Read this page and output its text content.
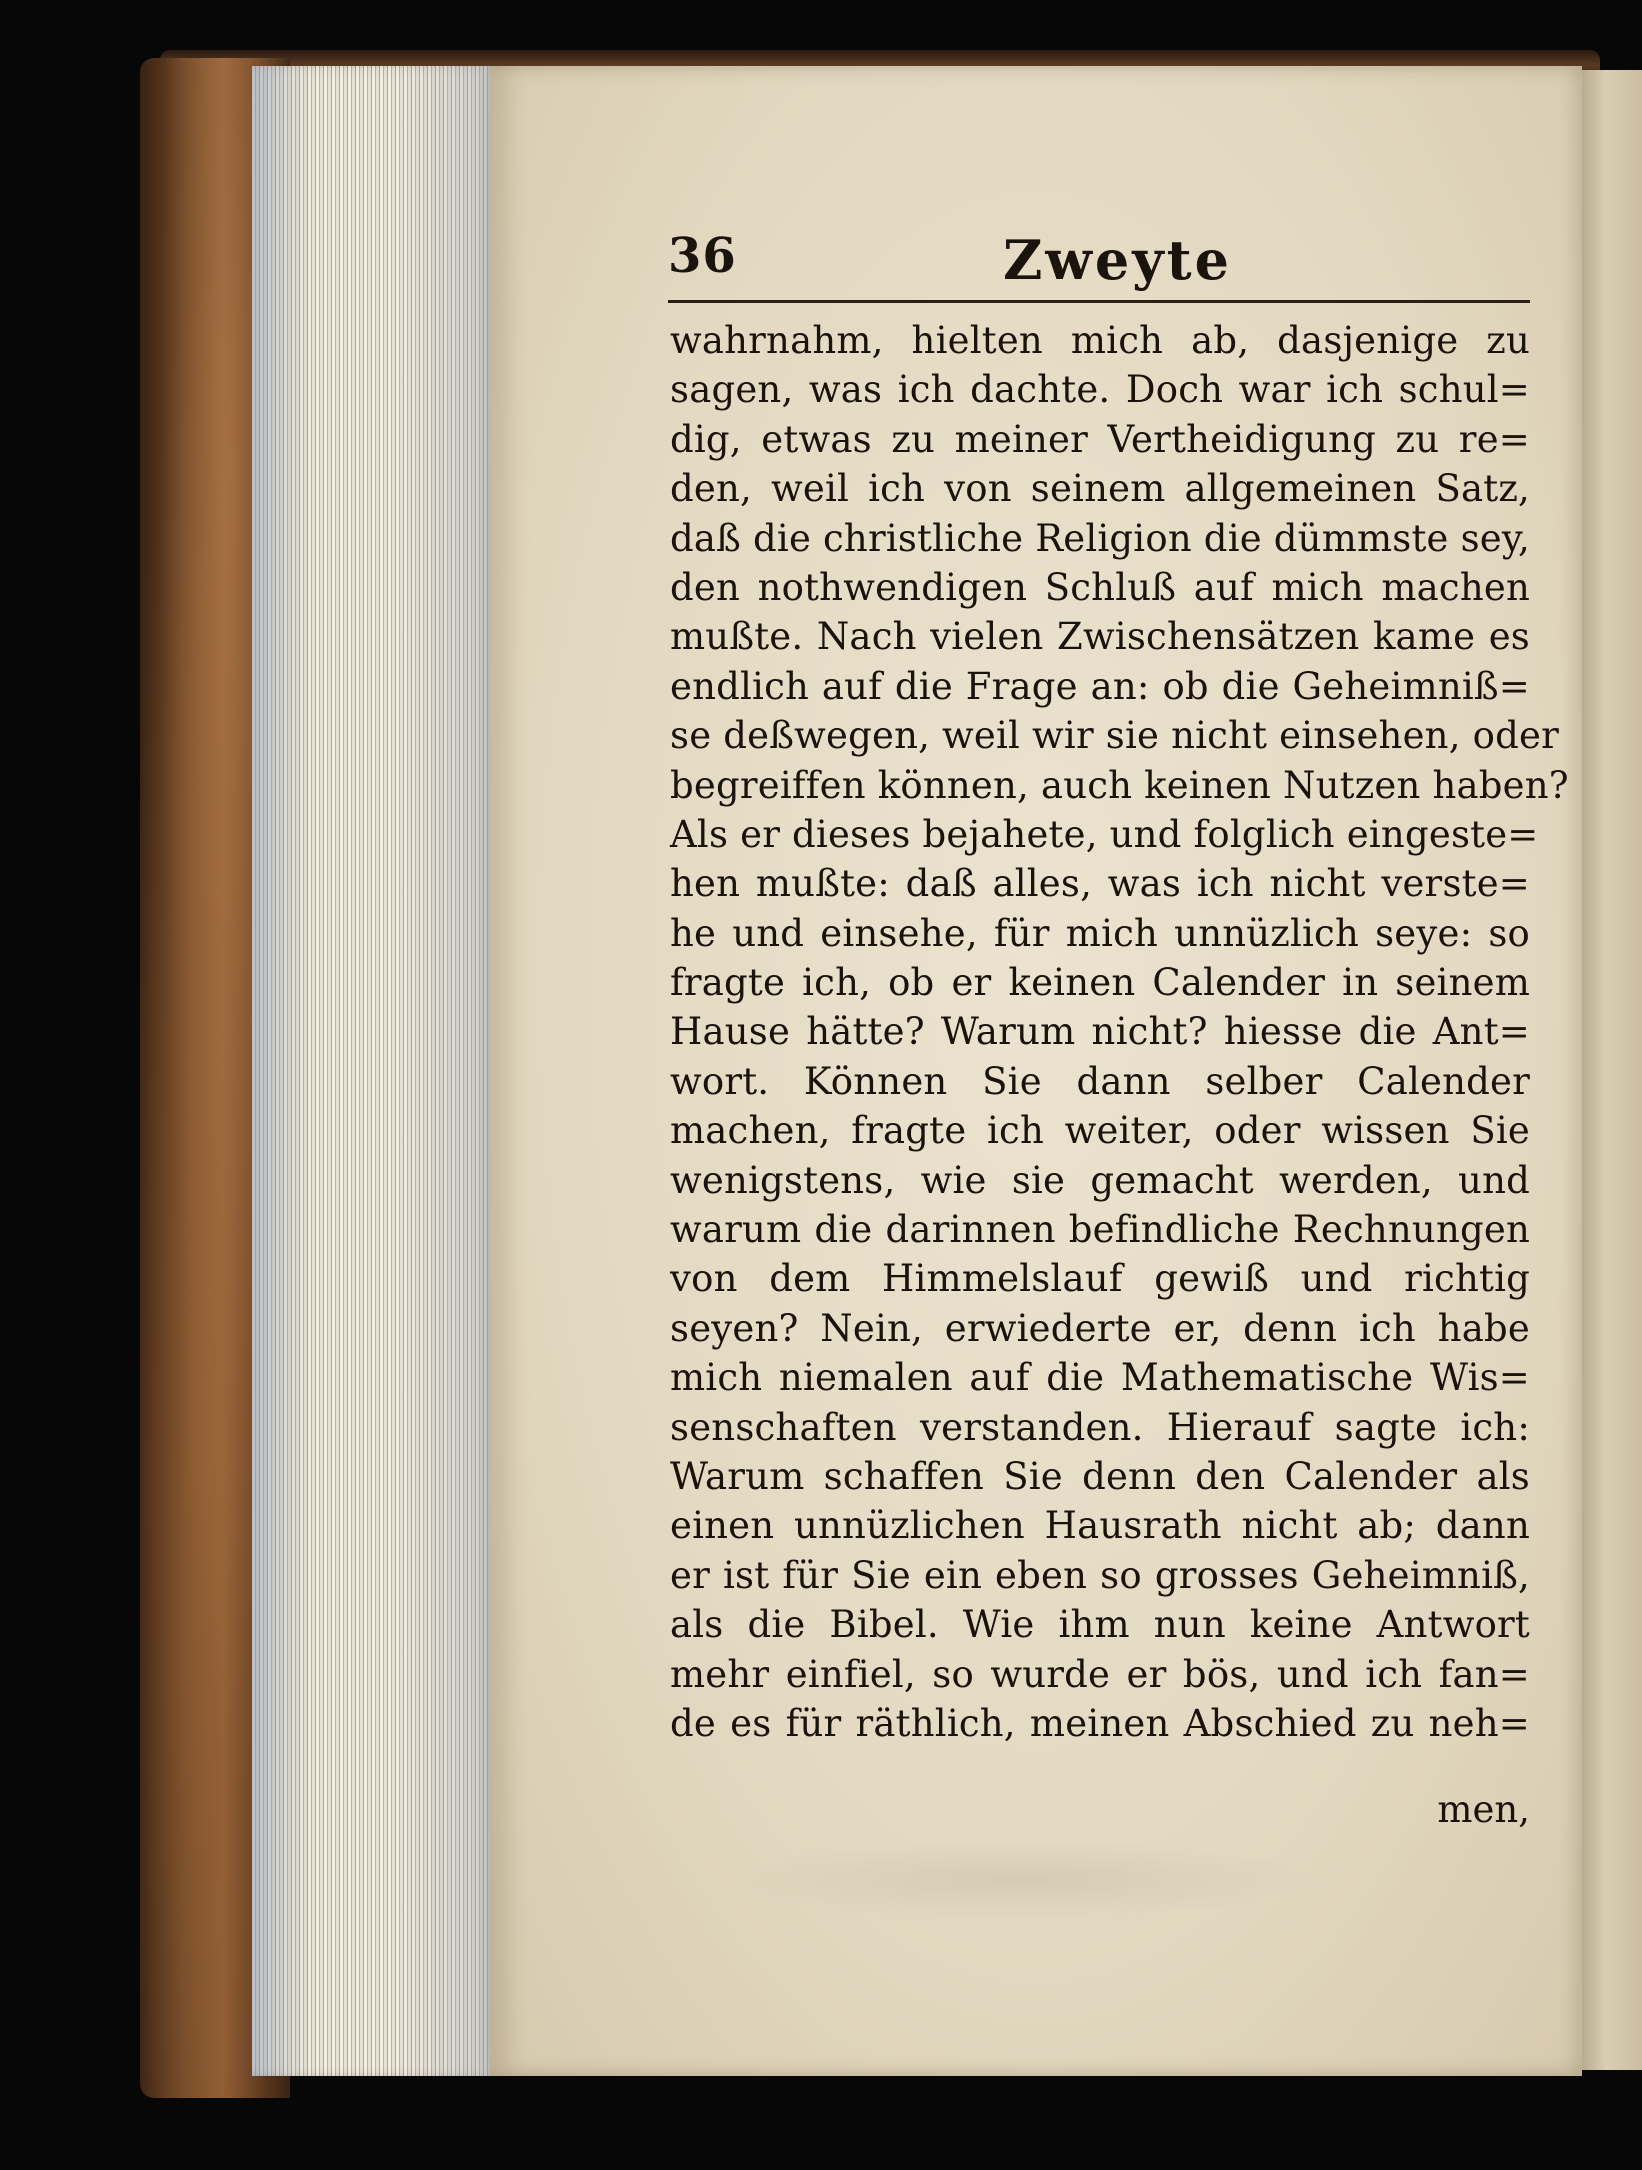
36	Zweyte
wahrnahm, hielten mich ab, dasjenige zu
sagen, was ich dachte. Doch war ich schul=
dig, etwas zu meiner Vertheidigung zu re=
den, weil ich von seinem allgemeinen Satz,
daß die christliche Religion die dümmste sey,
den nothwendigen Schluß auf mich machen
mußte. Nach vielen Zwischensätzen kame es
endlich auf die Frage an: ob die Geheimniß=
se deßwegen, weil wir sie nicht einsehen, oder
begreiffen können, auch keinen Nutzen haben?
Als er dieses bejahete, und folglich eingeste=
hen mußte: daß alles, was ich nicht verste=
he und einsehe, für mich unnüzlich seye: so
fragte ich, ob er keinen Calender in seinem
Hause hätte? Warum nicht? hiesse die Ant=
wort. Können Sie dann selber Calender
machen, fragte ich weiter, oder wissen Sie
wenigstens, wie sie gemacht werden, und
warum die darinnen befindliche Rechnungen
von dem Himmelslauf gewiß und richtig
seyen? Nein, erwiederte er, denn ich habe
mich niemalen auf die Mathematische Wis=
senschaften verstanden. Hierauf sagte ich:
Warum schaffen Sie denn den Calender als
einen unnüzlichen Hausrath nicht ab; dann
er ist für Sie ein eben so grosses Geheimniß,
als die Bibel. Wie ihm nun keine Antwort
mehr einfiel, so wurde er bös, und ich fan=
de es für räthlich, meinen Abschied zu neh=
men,
